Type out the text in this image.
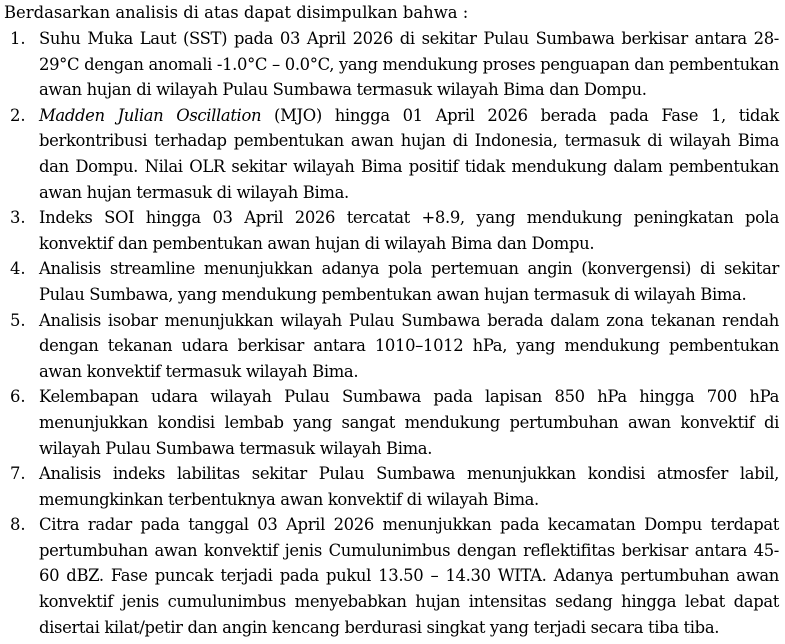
Berdasarkan analisis di atas dapat disimpulkan bahwa :

1. Suhu Muka Laut (SST) pada 03 April 2026 di sekitar Pulau Sumbawa berkisar antara 28-29°C dengan anomali -1.0°C – 0.0°C, yang mendukung proses penguapan dan pembentukan awan hujan di wilayah Pulau Sumbawa termasuk wilayah Bima dan Dompu.
2. Madden Julian Oscillation (MJO) hingga 01 April 2026 berada pada Fase 1, tidak berkontribusi terhadap pembentukan awan hujan di Indonesia, termasuk di wilayah Bima dan Dompu. Nilai OLR sekitar wilayah Bima positif tidak mendukung dalam pembentukan awan hujan termasuk di wilayah Bima.
3. Indeks SOI hingga 03 April 2026 tercatat +8.9, yang mendukung peningkatan pola konvektif dan pembentukan awan hujan di wilayah Bima dan Dompu.
4. Analisis streamline menunjukkan adanya pola pertemuan angin (konvergensi) di sekitar Pulau Sumbawa, yang mendukung pembentukan awan hujan termasuk di wilayah Bima.
5. Analisis isobar menunjukkan wilayah Pulau Sumbawa berada dalam zona tekanan rendah dengan tekanan udara berkisar antara 1010–1012 hPa, yang mendukung pembentukan awan konvektif termasuk wilayah Bima.
6. Kelembapan udara wilayah Pulau Sumbawa pada lapisan 850 hPa hingga 700 hPa menunjukkan kondisi lembab yang sangat mendukung pertumbuhan awan konvektif di wilayah Pulau Sumbawa termasuk wilayah Bima.
7. Analisis indeks labilitas sekitar Pulau Sumbawa menunjukkan kondisi atmosfer labil, memungkinkan terbentuknya awan konvektif di wilayah Bima.
8. Citra radar pada tanggal 03 April 2026 menunjukkan pada kecamatan Dompu terdapat pertumbuhan awan konvektif jenis Cumulunimbus dengan reflektifitas berkisar antara 45-60 dBZ. Fase puncak terjadi pada pukul 13.50 – 14.30 WITA. Adanya pertumbuhan awan konvektif jenis cumulunimbus menyebabkan hujan intensitas sedang hingga lebat dapat disertai kilat/petir dan angin kencang berdurasi singkat yang terjadi secara tiba tiba.
